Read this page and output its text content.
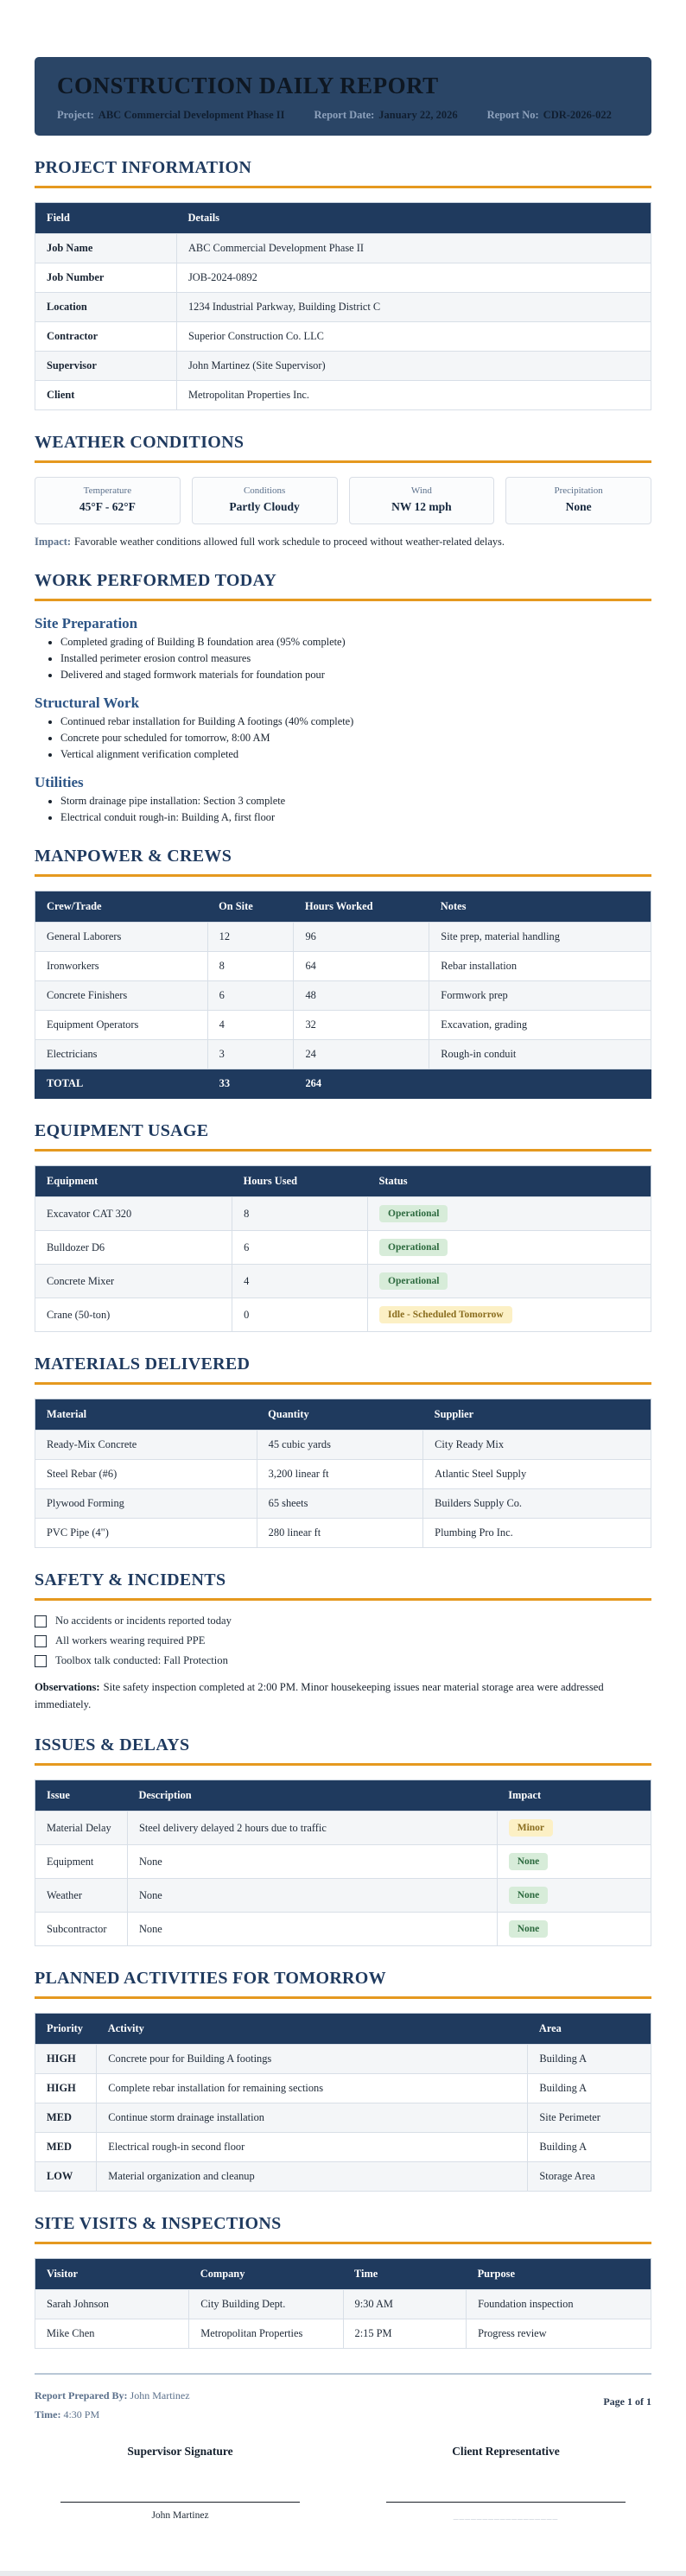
CONSTRUCTION DAILY REPORT
Project: ABC Commercial Development Phase II	Report Date: January 22, 2026	Report No: CDR-2026-022
PROJECT INFORMATION
Field	Details
Job Name	ABC Commercial Development Phase II
Job Number	JOB-2024-0892
Location	1234 Industrial Parkway, Building District C
Contractor	Superior Construction Co. LLC
Supervisor	John Martinez (Site Supervisor)
Client	Metropolitan Properties Inc.
WEATHER CONDITIONS
Temperature
45°F - 62°F
Conditions
Partly Cloudy
Wind
NW 12 mph
Precipitation
None
Impact: Favorable weather conditions allowed full work schedule to proceed without weather-related delays.
WORK PERFORMED TODAY
Site Preparation
• Completed grading of Building B foundation area (95% complete)
• Installed perimeter erosion control measures
• Delivered and staged formwork materials for foundation pour
Structural Work
• Continued rebar installation for Building A footings (40% complete)
• Concrete pour scheduled for tomorrow, 8:00 AM
• Vertical alignment verification completed
Utilities
• Storm drainage pipe installation: Section 3 complete
• Electrical conduit rough-in: Building A, first floor
MANPOWER & CREWS
Crew/Trade	On Site	Hours Worked	Notes
General Laborers	12	96	Site prep, material handling
Ironworkers	8	64	Rebar installation
Concrete Finishers	6	48	Formwork prep
Equipment Operators	4	32	Excavation, grading
Electricians	3	24	Rough-in conduit
TOTAL	33	264	
EQUIPMENT USAGE
Equipment	Hours Used	Status
Excavator CAT 320	8	Operational
Bulldozer D6	6	Operational
Concrete Mixer	4	Operational
Crane (50-ton)	0	Idle - Scheduled Tomorrow
MATERIALS DELIVERED
Material	Quantity	Supplier
Ready-Mix Concrete	45 cubic yards	City Ready Mix
Steel Rebar (#6)	3,200 linear ft	Atlantic Steel Supply
Plywood Forming	65 sheets	Builders Supply Co.
PVC Pipe (4")	280 linear ft	Plumbing Pro Inc.
SAFETY & INCIDENTS
No accidents or incidents reported today
All workers wearing required PPE
Toolbox talk conducted: Fall Protection
Observations: Site safety inspection completed at 2:00 PM. Minor housekeeping issues near material storage area were addressed immediately.
ISSUES & DELAYS
Issue	Description	Impact
Material Delay	Steel delivery delayed 2 hours due to traffic	Minor
Equipment	None	None
Weather	None	None
Subcontractor	None	None
PLANNED ACTIVITIES FOR TOMORROW
Priority	Activity	Area
HIGH	Concrete pour for Building A footings	Building A
HIGH	Complete rebar installation for remaining sections	Building A
MED	Continue storm drainage installation	Site Perimeter
MED	Electrical rough-in second floor	Building A
LOW	Material organization and cleanup	Storage Area
SITE VISITS & INSPECTIONS
Visitor	Company	Time	Purpose
Sarah Johnson	City Building Dept.	9:30 AM	Foundation inspection
Mike Chen	Metropolitan Properties	2:15 PM	Progress review
Report Prepared By: John Martinez
Time: 4:30 PM
Page 1 of 1
Supervisor Signature
John Martinez
Client Representative
__________________
